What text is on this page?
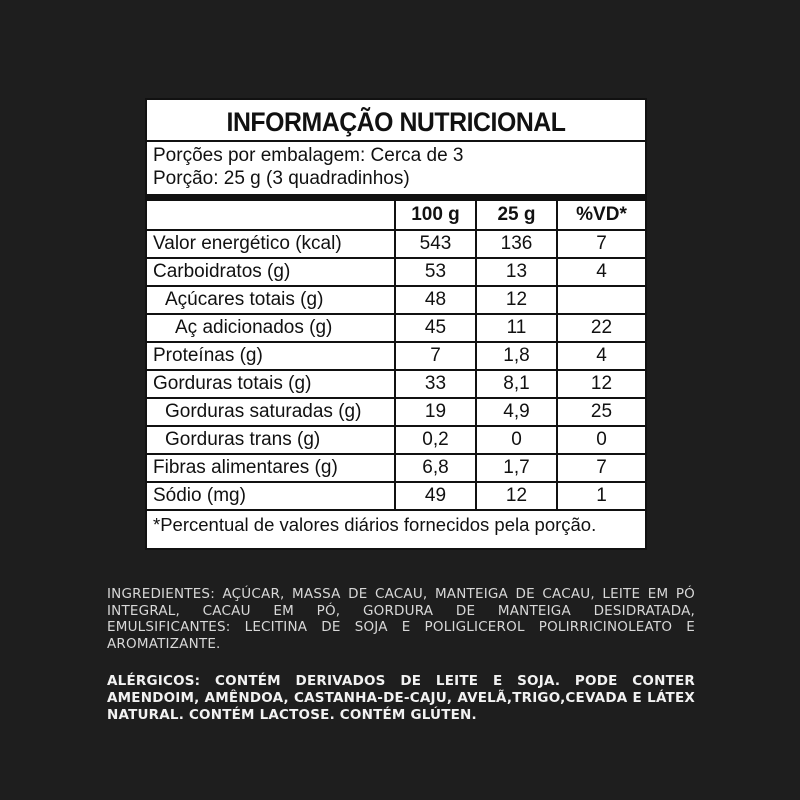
INFORMAÇÃO NUTRICIONAL
Porções por embalagem: Cerca de 3
Porção: 25 g (3 quadradinhos)
	100 g	25 g	%VD*
Valor energético (kcal)	543	136	7
Carboidratos (g)	53	13	4
Açúcares totais (g)	48	12	
Aç adicionados (g)	45	11	22
Proteínas (g)	7	1,8	4
Gorduras totais (g)	33	8,1	12
Gorduras saturadas (g)	19	4,9	25
Gorduras trans (g)	0,2	0	0
Fibras alimentares (g)	6,8	1,7	7
Sódio (mg)	49	12	1
*Percentual de valores diários fornecidos pela porção.
INGREDIENTES: AÇÚCAR, MASSA DE CACAU, MANTEIGA DE CACAU, LEITE EM PÓ INTEGRAL, CACAU EM PÓ, GORDURA DE MANTEIGA DESIDRATADA, EMULSIFICANTES: LECITINA DE SOJA E POLIGLICEROL POLIRRICINOLEATO E AROMATIZANTE.
ALÉRGICOS: CONTÉM DERIVADOS DE LEITE E SOJA. PODE CONTER AMENDOIM, AMÊNDOA, CASTANHA-DE-CAJU, AVELÃ,TRIGO,CEVADA E LÁTEX NATURAL. CONTÉM LACTOSE. CONTÉM GLÚTEN.
